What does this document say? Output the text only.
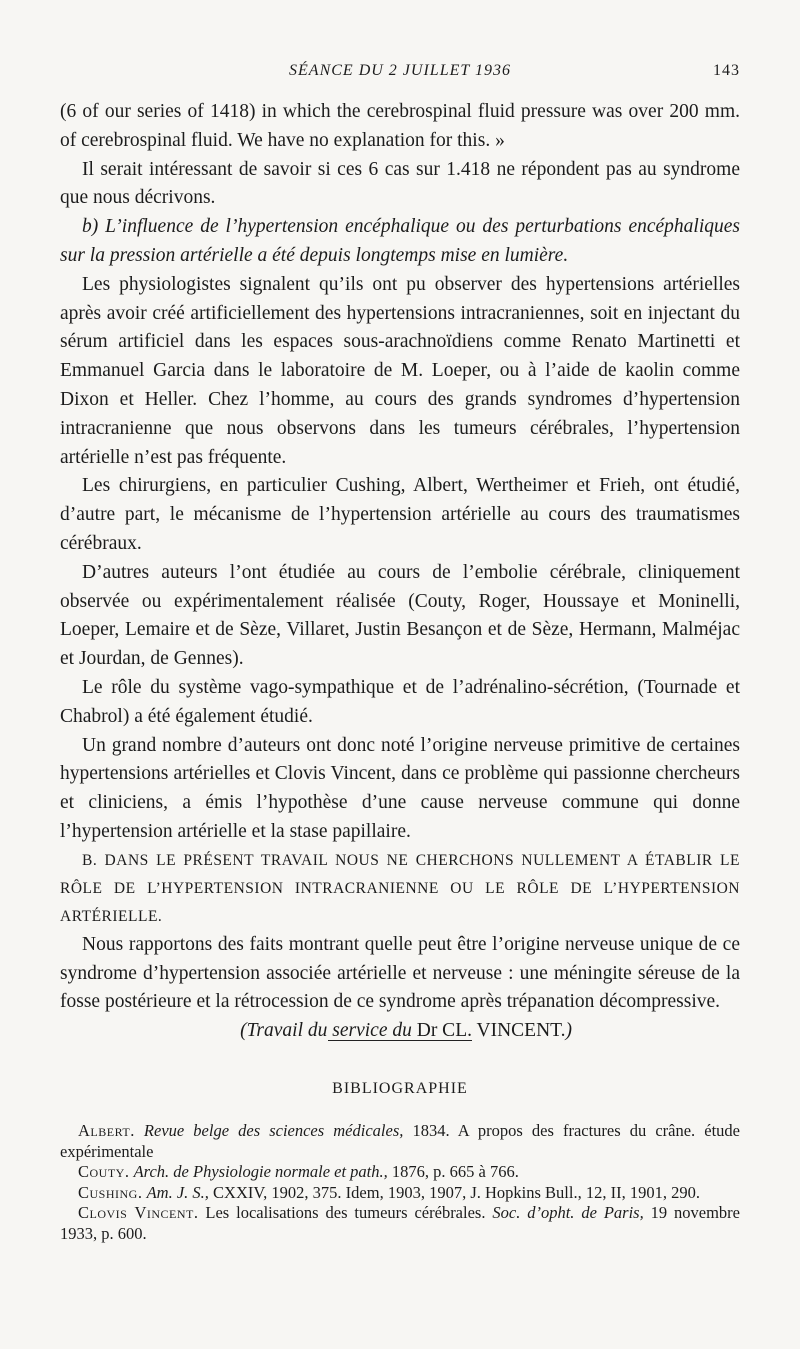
SÉANCE DU 2 JUILLET 1936	143

(6 of our series of 1418) in which the cerebrospinal fluid pressure was over 200 mm. of cerebrospinal fluid. We have no explanation for this. »

Il serait intéressant de savoir si ces 6 cas sur 1.418 ne répondent pas au syndrome que nous décrivons.

b) L’influence de l’hypertension encéphalique ou des perturbations encéphaliques sur la pression artérielle a été depuis longtemps mise en lumière.

Les physiologistes signalent qu’ils ont pu observer des hypertensions artérielles après avoir créé artificiellement des hypertensions intracraniennes, soit en injectant du sérum artificiel dans les espaces sous-arachnoïdiens comme Renato Martinetti et Emmanuel Garcia dans le laboratoire de M. Loeper, ou à l’aide de kaolin comme Dixon et Heller. Chez l’homme, au cours des grands syndromes d’hypertension intracranienne que nous observons dans les tumeurs cérébrales, l’hypertension artérielle n’est pas fréquente.

Les chirurgiens, en particulier Cushing, Albert, Wertheimer et Frieh, ont étudié, d’autre part, le mécanisme de l’hypertension artérielle au cours des traumatismes cérébraux.

D’autres auteurs l’ont étudiée au cours de l’embolie cérébrale, cliniquement observée ou expérimentalement réalisée (Couty, Roger, Houssaye et Moninelli, Loeper, Lemaire et de Sèze, Villaret, Justin Besançon et de Sèze, Hermann, Malméjac et Jourdan, de Gennes).

Le rôle du système vago-sympathique et de l’adrénalino-sécrétion, (Tournade et Chabrol) a été également étudié.

Un grand nombre d’auteurs ont donc noté l’origine nerveuse primitive de certaines hypertensions artérielles et Clovis Vincent, dans ce problème qui passionne chercheurs et cliniciens, a émis l’hypothèse d’une cause nerveuse commune qui donne l’hypertension artérielle et la stase papillaire.

B. DANS LE PRÉSENT TRAVAIL NOUS NE CHERCHONS NULLEMENT A ÉTABLIR LE RÔLE DE L’HYPERTENSION INTRACRANIENNE OU LE RÔLE DE L’HYPERTENSION ARTÉRIELLE.

Nous rapportons des faits montrant quelle peut être l’origine nerveuse unique de ce syndrome d’hypertension associée artérielle et nerveuse : une méningite séreuse de la fosse postérieure et la rétrocession de ce syndrome après trépanation décompressive.

(Travail du service du Dr CL. VINCENT.)

BIBLIOGRAPHIE

Albert. Revue belge des sciences médicales, 1834. A propos des fractures du crâne. étude expérimentale

Couty. Arch. de Physiologie normale et path., 1876, p. 665 à 766.

Cushing. Am. J. S., CXXIV, 1902, 375. Idem, 1903, 1907, J. Hopkins Bull., 12, II, 1901, 290.

Clovis Vincent. Les localisations des tumeurs cérébrales. Soc. d’opht. de Paris, 19 novembre 1933, p. 600.
